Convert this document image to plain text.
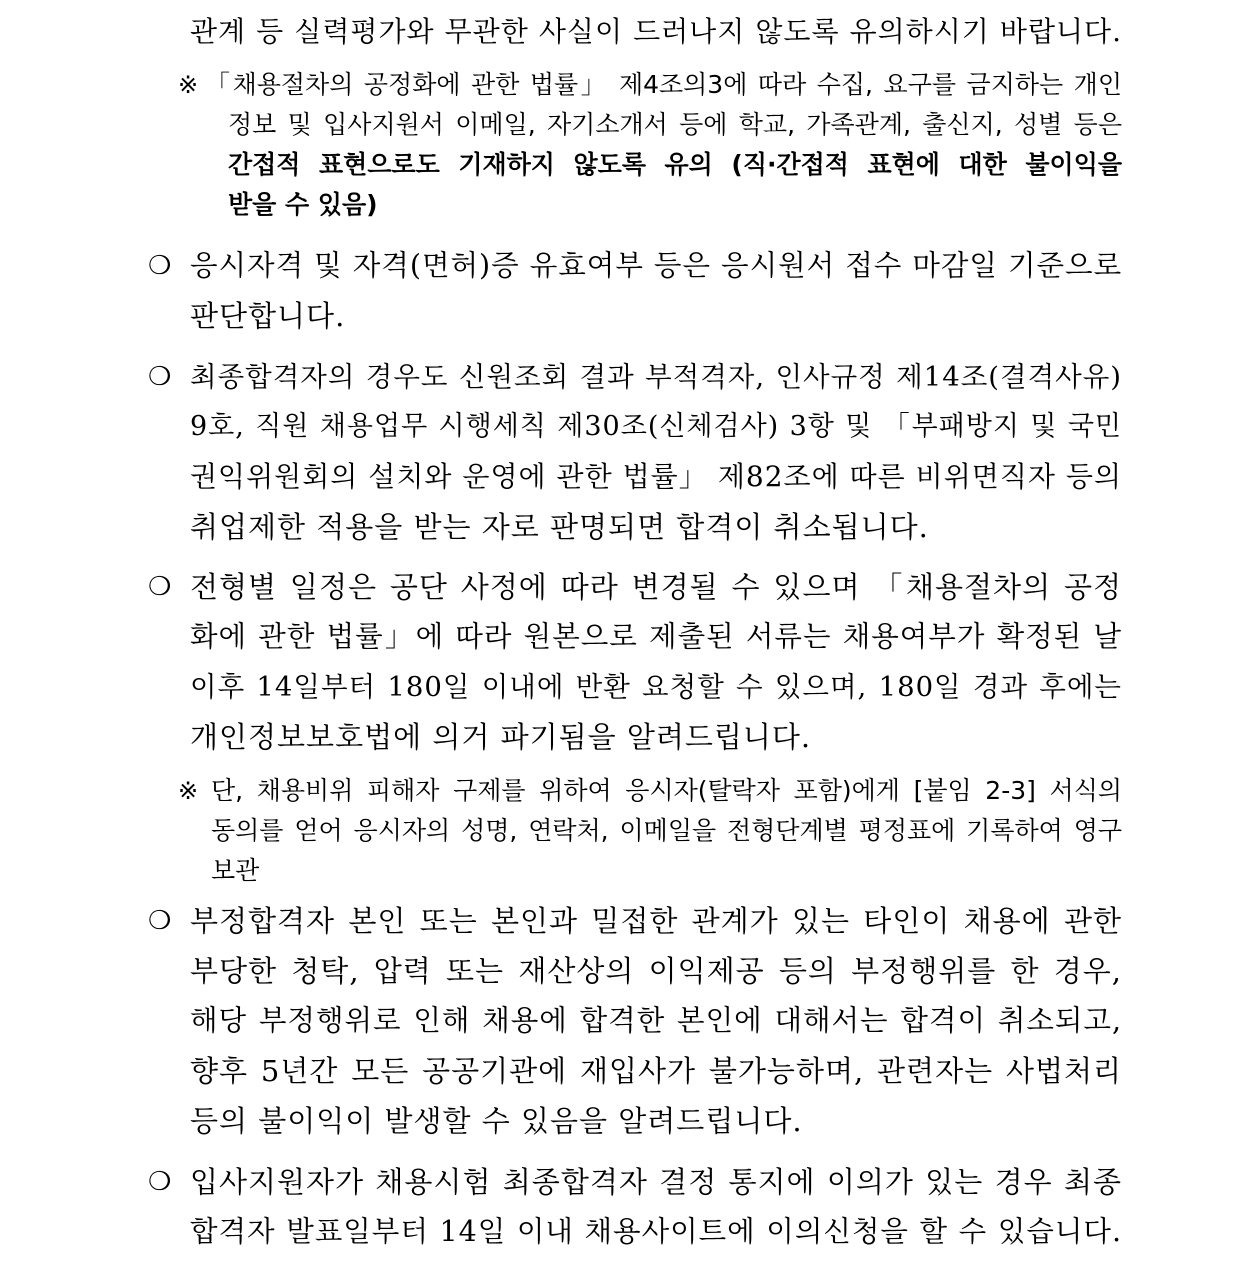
관계 등 실력평가와 무관한 사실이 드러나지 않도록 유의하시기 바랍니다.
※ 「채용절차의 공정화에 관한 법률」 제4조의3에 따라 수집, 요구를 금지하는 개인
정보 및 입사지원서 이메일, 자기소개서 등에 학교, 가족관계, 출신지, 성별 등은
간접적 표현으로도 기재하지 않도록 유의 (직·간접적 표현에 대한 불이익을
받을 수 있음)
❍ 응시자격 및 자격(면허)증 유효여부 등은 응시원서 접수 마감일 기준으로
판단합니다.
❍ 최종합격자의 경우도 신원조회 결과 부적격자, 인사규정 제14조(결격사유)
9호, 직원 채용업무 시행세칙 제30조(신체검사) 3항 및 「부패방지 및 국민
권익위원회의 설치와 운영에 관한 법률」 제82조에 따른 비위면직자 등의
취업제한 적용을 받는 자로 판명되면 합격이 취소됩니다.
❍ 전형별 일정은 공단 사정에 따라 변경될 수 있으며 「채용절차의 공정
화에 관한 법률」에 따라 원본으로 제출된 서류는 채용여부가 확정된 날
이후 14일부터 180일 이내에 반환 요청할 수 있으며, 180일 경과 후에는
개인정보보호법에 의거 파기됨을 알려드립니다.
※ 단, 채용비위 피해자 구제를 위하여 응시자(탈락자 포함)에게 [붙임 2-3] 서식의
동의를 얻어 응시자의 성명, 연락처, 이메일을 전형단계별 평정표에 기록하여 영구
보관
❍ 부정합격자 본인 또는 본인과 밀접한 관계가 있는 타인이 채용에 관한
부당한 청탁, 압력 또는 재산상의 이익제공 등의 부정행위를 한 경우,
해당 부정행위로 인해 채용에 합격한 본인에 대해서는 합격이 취소되고,
향후 5년간 모든 공공기관에 재입사가 불가능하며, 관련자는 사법처리
등의 불이익이 발생할 수 있음을 알려드립니다.
❍ 입사지원자가 채용시험 최종합격자 결정 통지에 이의가 있는 경우 최종
합격자 발표일부터 14일 이내 채용사이트에 이의신청을 할 수 있습니다.
